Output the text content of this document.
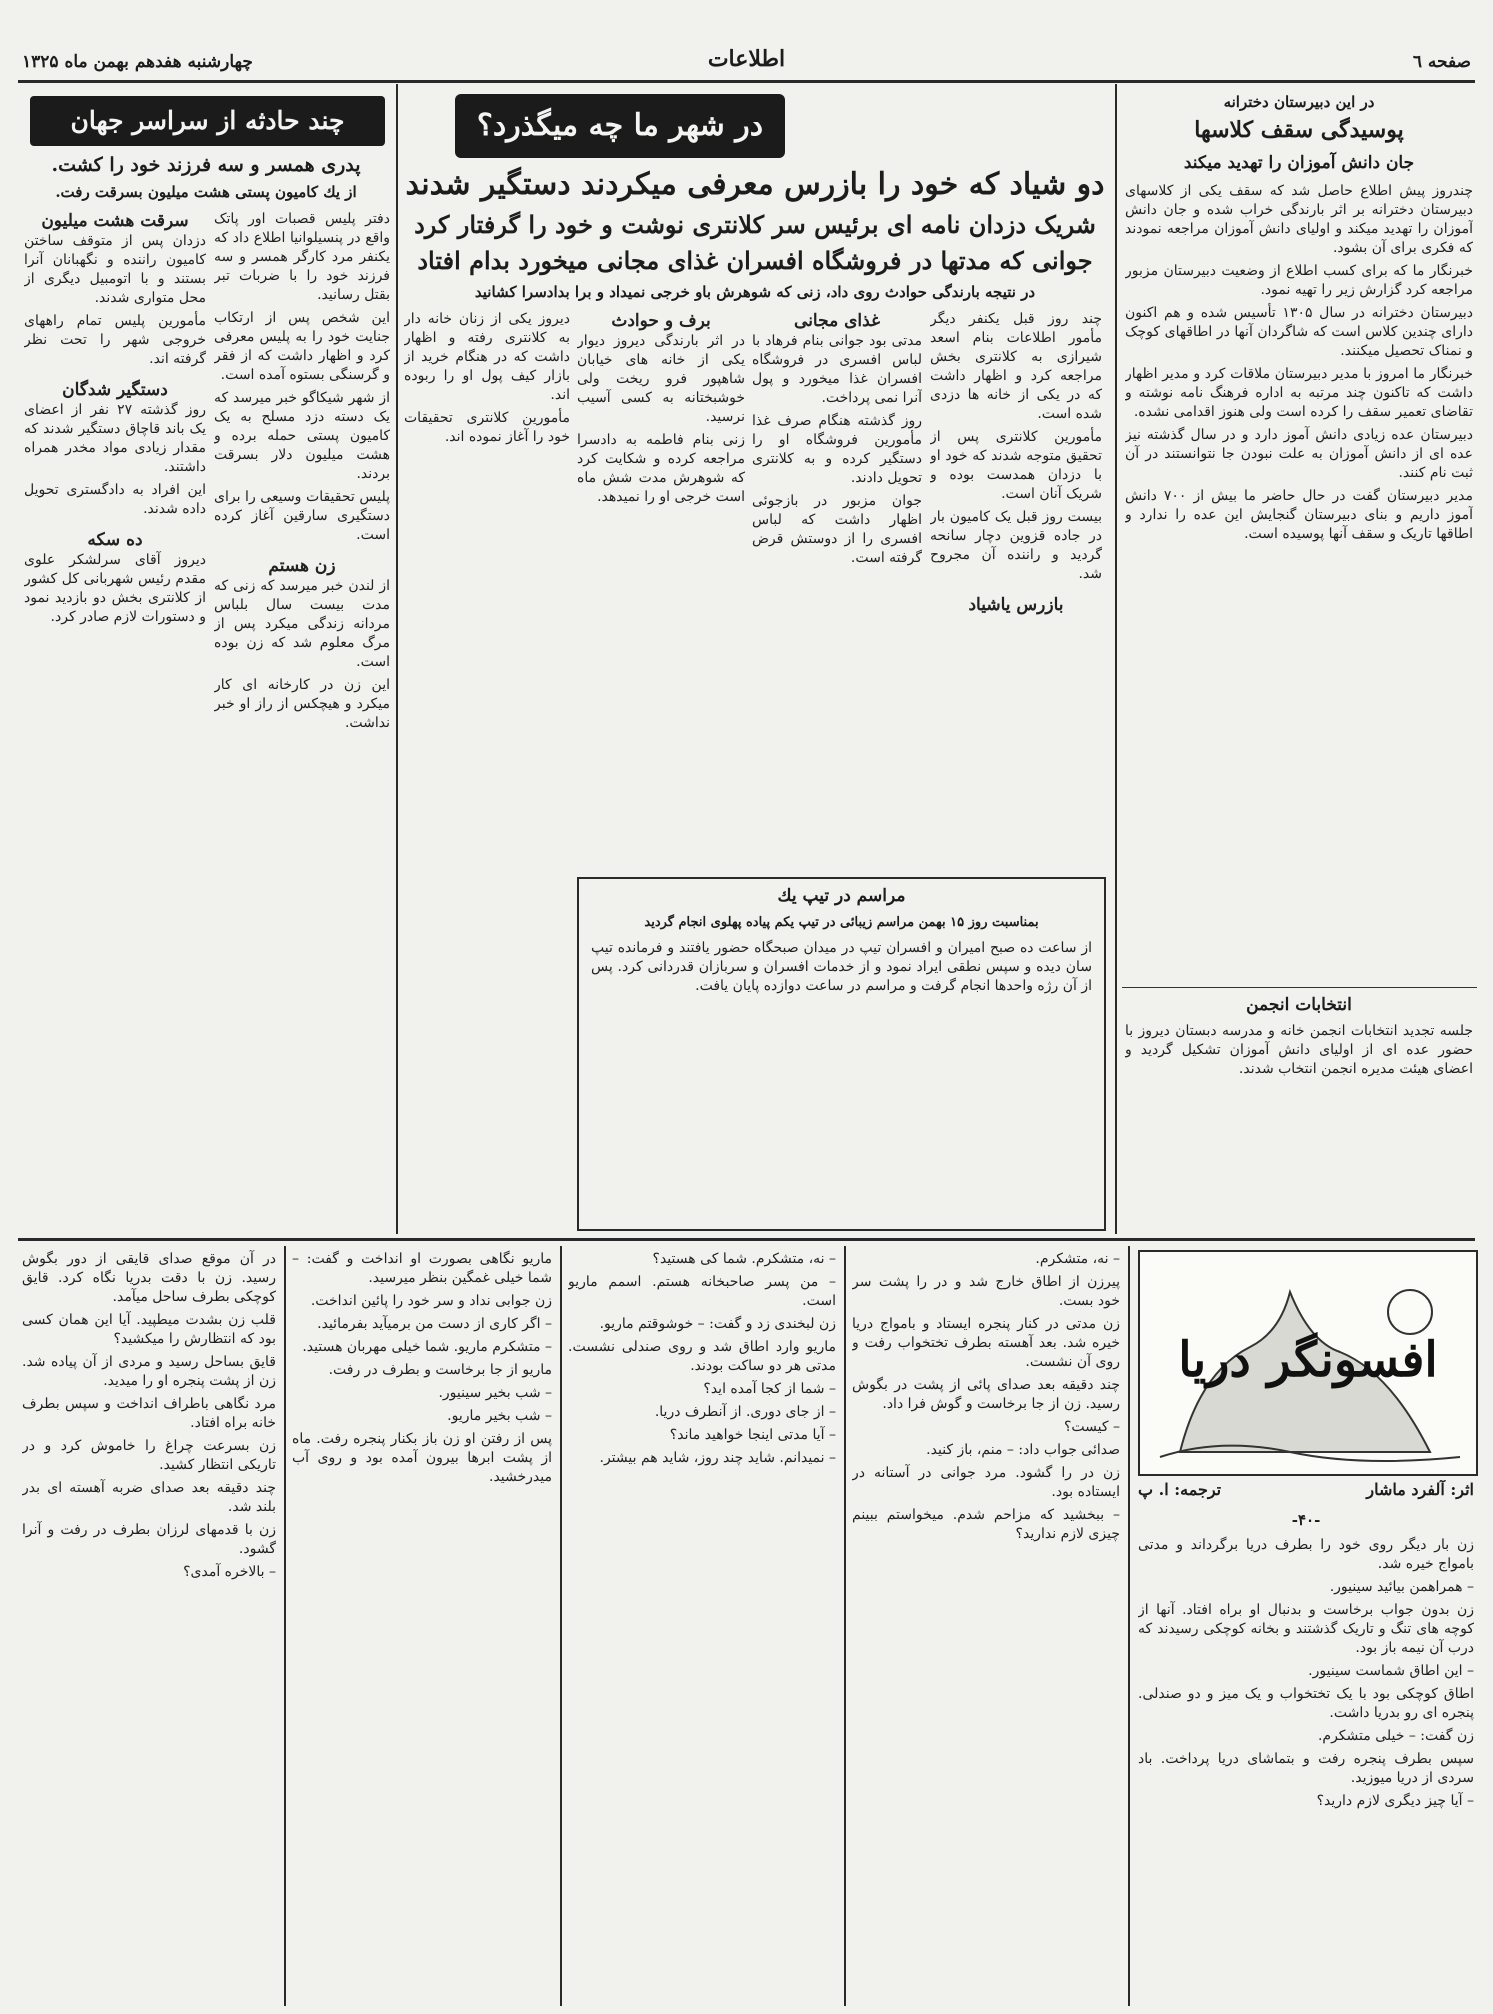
صفحه ٦
اطلاعات
چهارشنبه هفدهم بهمن ماه ۱۳۲۵
در این دبیرستان دخترانه
پوسیدگی سقف کلاسها
جان دانش آموزان را تهدید میکند

چندروز پیش اطلاع حاصل شد که سقف یکی از کلاسهای دبیرستان دخترانه بر اثر بارندگی خراب شده و جان دانش آموزان را تهدید میکند و اولیای دانش آموزان مراجعه نمودند که فکری برای آن بشود.

خبرنگار ما که برای کسب اطلاع از وضعیت دبیرستان مزبور مراجعه کرد گزارش زیر را تهیه نمود.

دبیرستان دخترانه در سال ۱۳۰۵ تأسیس شده و هم اکنون دارای چندین کلاس است که شاگردان آنها در اطاقهای کوچک و نمناک تحصیل میکنند.

خبرنگار ما امروز با مدیر دبیرستان ملاقات کرد و مدیر اظهار داشت که تاکنون چند مرتبه به اداره فرهنگ نامه نوشته و تقاضای تعمیر سقف را کرده است ولی هنوز اقدامی نشده.

دبیرستان عده زیادی دانش آموز دارد و در سال گذشته نیز عده ای از دانش آموزان به علت نبودن جا نتوانستند در آن ثبت نام کنند.

مدیر دبیرستان گفت در حال حاضر ما بیش از ۷۰۰ دانش آموز داریم و بنای دبیرستان گنجایش این عده را ندارد و اطاقها تاریک و سقف آنها پوسیده است.

انتخابات انجمن
جلسه تجدید انتخابات انجمن خانه و مدرسه دبستان دیروز با حضور عده ای از اولیای دانش آموزان تشکیل گردید و اعضای هیئت مدیره انجمن انتخاب شدند.
در شهر ما چه میگذرد؟
دو شیاد که خود را بازرس معرفی میکردند دستگیر شدند
شریک دزدان نامه ای برئیس سر کلانتری نوشت و خود را گرفتار کرد
جوانی که مدتها در فروشگاه افسران غذای مجانی میخورد بدام افتاد
در نتیجه بارندگی حوادث روی داد، زنی که شوهرش باو خرجی نمیداد و برا بدادسرا کشانید

چند روز قبل یکنفر دیگر مأمور اطلاعات بنام اسعد شیرازی به کلانتری بخش مراجعه کرد و اظهار داشت که در یکی از خانه ها دزدی شده است.

مأمورین کلانتری پس از تحقیق متوجه شدند که خود او با دزدان همدست بوده و شریک آنان است.

بیست روز قبل یک کامیون بار در جاده قزوین دچار سانحه گردید و راننده آن مجروح شد.

بازرس یاشیاد
غذای مجانی

مدتی بود جوانی بنام فرهاد با لباس افسری در فروشگاه افسران غذا میخورد و پول آنرا نمی پرداخت.

روز گذشته هنگام صرف غذا مأمورین فروشگاه او را دستگیر کرده و به کلانتری تحویل دادند.

جوان مزبور در بازجوئی اظهار داشت که لباس افسری را از دوستش قرض گرفته است.

برف و حوادث

در اثر بارندگی دیروز دیوار یکی از خانه های خیابان شاهپور فرو ریخت ولی خوشبختانه به کسی آسیب نرسید.

زنی بنام فاطمه به دادسرا مراجعه کرده و شکایت کرد که شوهرش مدت شش ماه است خرجی او را نمیدهد.

دیروز یکی از زنان خانه دار به کلانتری رفته و اظهار داشت که در هنگام خرید از بازار کیف پول او را ربوده اند.

مأمورین کلانتری تحقیقات خود را آغاز نموده اند.

مراسم در تیپ یك
بمناسبت روز ۱۵ بهمن مراسم زیبائی در تیپ یکم پیاده پهلوی انجام گردید
از ساعت ده صبح امیران و افسران تیپ در میدان صبحگاه حضور یافتند و فرمانده تیپ سان دیده و سپس نطقی ایراد نمود و از خدمات افسران و سربازان قدردانی کرد. پس از آن رژه واحدها انجام گرفت و مراسم در ساعت دوازده پایان یافت.
چند حادثه از سراسر جهان
پدری همسر و سه فرزند خود را کشت.
از یك کامیون پستی هشت میلیون بسرقت رفت.

دفتر پلیس قصبات اور پاتک واقع در پنسیلوانیا اطلاع داد که یکنفر مرد کارگر همسر و سه فرزند خود را با ضربات تبر بقتل رسانید.

این شخص پس از ارتکاب جنایت خود را به پلیس معرفی کرد و اظهار داشت که از فقر و گرسنگی بستوه آمده است.

از شهر شیکاگو خبر میرسد که یک دسته دزد مسلح به یک کامیون پستی حمله برده و هشت میلیون دلار بسرقت بردند.

پلیس تحقیقات وسیعی را برای دستگیری سارقین آغاز کرده است.

زن هستم

از لندن خبر میرسد که زنی که مدت بیست سال بلباس مردانه زندگی میکرد پس از مرگ معلوم شد که زن بوده است.

این زن در کارخانه ای کار میکرد و هیچکس از راز او خبر نداشت.

سرقت هشت میلیون

دزدان پس از متوقف ساختن کامیون راننده و نگهبانان آنرا بستند و با اتومبیل دیگری از محل متواری شدند.

مأمورین پلیس تمام راههای خروجی شهر را تحت نظر گرفته اند.

دستگیر شدگان

روز گذشته ۲۷ نفر از اعضای یک باند قاچاق دستگیر شدند که مقدار زیادی مواد مخدر همراه داشتند.

این افراد به دادگستری تحویل داده شدند.

ده سکه

دیروز آقای سرلشکر علوی مقدم رئیس شهربانی کل کشور از کلانتری بخش دو بازدید نمود و دستورات لازم صادر کرد.

افسونگر دریا
اثر: آلفرد ماشار
ترجمه: ا. پ
-۴۰-

زن بار دیگر روی خود را بطرف دریا برگرداند و مدتی بامواج خیره شد.

– همراهمن بیائید سینیور.

زن بدون جواب برخاست و بدنبال او براه افتاد. آنها از کوچه های تنگ و تاریک گذشتند و بخانه کوچکی رسیدند که درب آن نیمه باز بود.

– این اطاق شماست سینیور.

اطاق کوچکی بود با یک تختخواب و یک میز و دو صندلی. پنجره ای رو بدریا داشت.

زن گفت: – خیلی متشکرم.

سپس بطرف پنجره رفت و بتماشای دریا پرداخت. باد سردی از دریا میوزید.

– آیا چیز دیگری لازم دارید؟

– نه، متشکرم.

پیرزن از اطاق خارج شد و در را پشت سر خود بست.

زن مدتی در کنار پنجره ایستاد و بامواج دریا خیره شد. بعد آهسته بطرف تختخواب رفت و روی آن نشست.

چند دقیقه بعد صدای پائی از پشت در بگوش رسید. زن از جا برخاست و گوش فرا داد.

– کیست؟

صدائی جواب داد: – منم، باز کنید.

زن در را گشود. مرد جوانی در آستانه در ایستاده بود.

– ببخشید که مزاحم شدم. میخواستم ببینم چیزی لازم ندارید؟

– نه، متشکرم. شما کی هستید؟

– من پسر صاحبخانه هستم. اسمم ماریو است.

زن لبخندی زد و گفت: – خوشوقتم ماریو.

ماریو وارد اطاق شد و روی صندلی نشست. مدتی هر دو ساکت بودند.

– شما از کجا آمده اید؟

– از جای دوری. از آنطرف دریا.

– آیا مدتی اینجا خواهید ماند؟

– نمیدانم. شاید چند روز، شاید هم بیشتر.

ماریو نگاهی بصورت او انداخت و گفت: – شما خیلی غمگین بنظر میرسید.

زن جوابی نداد و سر خود را پائین انداخت.

– اگر کاری از دست من برمیآید بفرمائید.

– متشکرم ماریو. شما خیلی مهربان هستید.

ماریو از جا برخاست و بطرف در رفت.

– شب بخیر سینیور.

– شب بخیر ماریو.

پس از رفتن او زن باز بکنار پنجره رفت. ماه از پشت ابرها بیرون آمده بود و روی آب میدرخشید.

در آن موقع صدای قایقی از دور بگوش رسید. زن با دقت بدریا نگاه کرد. قایق کوچکی بطرف ساحل میآمد.

قلب زن بشدت میطپید. آیا این همان کسی بود که انتظارش را میکشید؟

قایق بساحل رسید و مردی از آن پیاده شد. زن از پشت پنجره او را میدید.

مرد نگاهی باطراف انداخت و سپس بطرف خانه براه افتاد.

زن بسرعت چراغ را خاموش کرد و در تاریکی انتظار کشید.

چند دقیقه بعد صدای ضربه آهسته ای بدر بلند شد.

زن با قدمهای لرزان بطرف در رفت و آنرا گشود.

– بالاخره آمدی؟
